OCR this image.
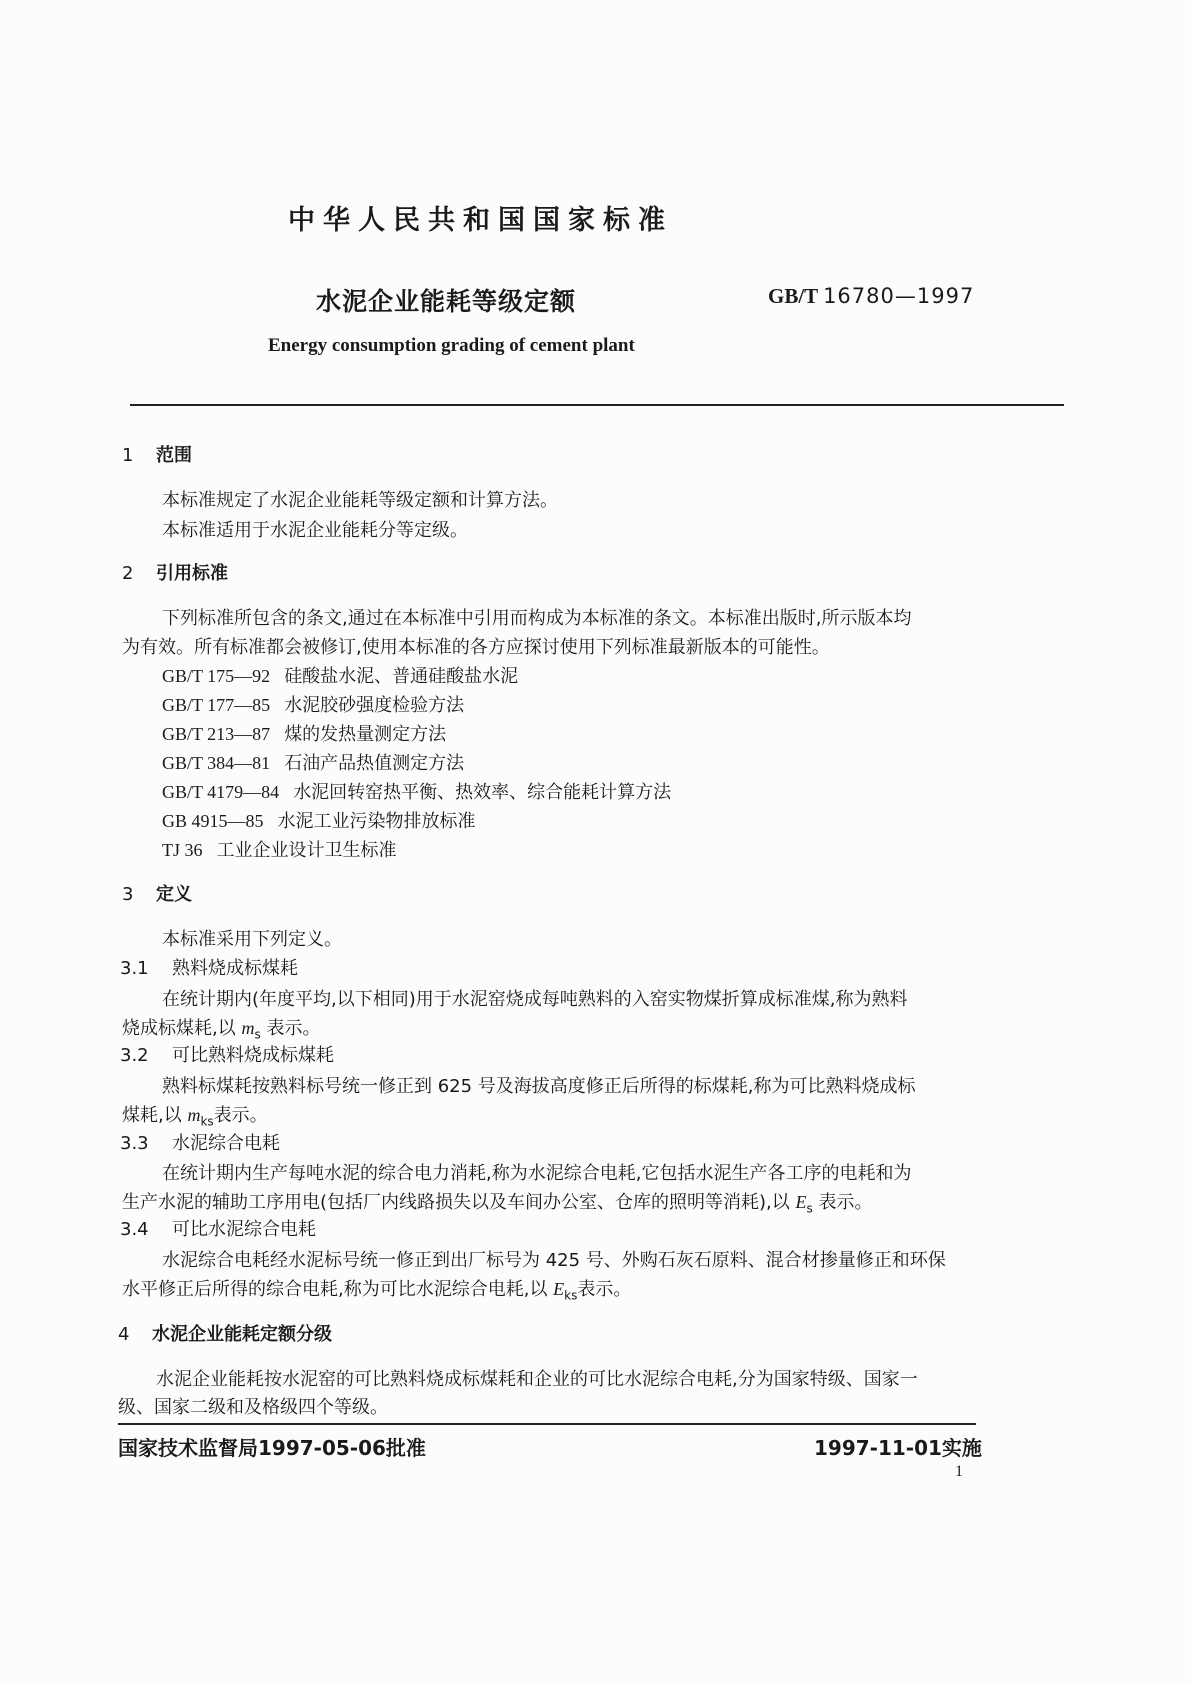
中华人民共和国国家标准
水泥企业能耗等级定额	GB/T 16780—1997
Energy consumption grading of cement plant
1 范围
本标准规定了水泥企业能耗等级定额和计算方法。
本标准适用于水泥企业能耗分等定级。
2 引用标准
下列标准所包含的条文,通过在本标准中引用而构成为本标准的条文。本标准出版时,所示版本均
为有效。所有标准都会被修订,使用本标准的各方应探讨使用下列标准最新版本的可能性。
GB/T 175—92 硅酸盐水泥、普通硅酸盐水泥
GB/T 177—85 水泥胶砂强度检验方法
GB/T 213—87 煤的发热量测定方法
GB/T 384—81 石油产品热值测定方法
GB/T 4179—84 水泥回转窑热平衡、热效率、综合能耗计算方法
GB 4915—85 水泥工业污染物排放标准
TJ 36 工业企业设计卫生标准
3 定义
本标准采用下列定义。
3.1 熟料烧成标煤耗
在统计期内(年度平均,以下相同)用于水泥窑烧成每吨熟料的入窑实物煤折算成标准煤,称为熟料
烧成标煤耗,以 $m_s$ 表示。
3.2 可比熟料烧成标煤耗
熟料标煤耗按熟料标号统一修正到 625 号及海拔高度修正后所得的标煤耗,称为可比熟料烧成标
煤耗,以 $m_{ks}$表示。
3.3 水泥综合电耗
在统计期内生产每吨水泥的综合电力消耗,称为水泥综合电耗,它包括水泥生产各工序的电耗和为
生产水泥的辅助工序用电(包括厂内线路损失以及车间办公室、仓库的照明等消耗),以 $E_s$ 表示。
3.4 可比水泥综合电耗
水泥综合电耗经水泥标号统一修正到出厂标号为 425 号、外购石灰石原料、混合材掺量修正和环保
水平修正后所得的综合电耗,称为可比水泥综合电耗,以 $E_{ks}$表示。
4 水泥企业能耗定额分级
水泥企业能耗按水泥窑的可比熟料烧成标煤耗和企业的可比水泥综合电耗,分为国家特级、国家一
级、国家二级和及格级四个等级。
国家技术监督局1997-05-06批准	1997-11-01实施
1
